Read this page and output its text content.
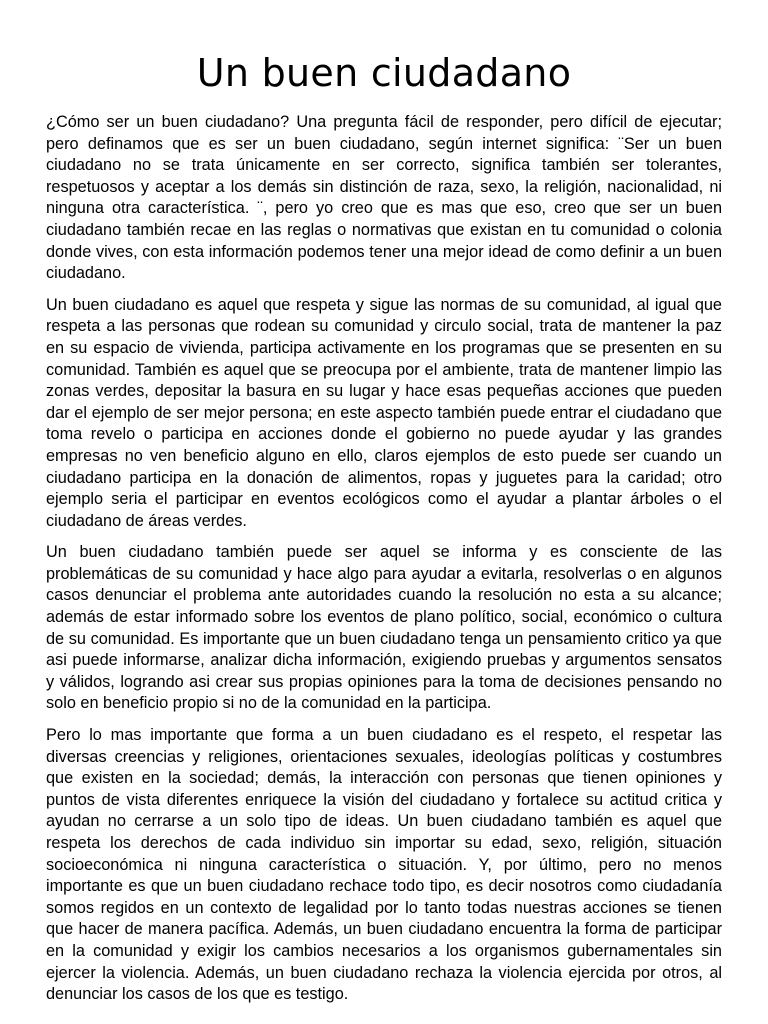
Un buen ciudadano

¿Cómo ser un buen ciudadano? Una pregunta fácil de responder, pero difícil de ejecutar; pero definamos que es ser un buen ciudadano, según internet significa: ¨Ser un buen ciudadano no se trata únicamente en ser correcto, significa también ser tolerantes, respetuosos y aceptar a los demás sin distinción de raza, sexo, la religión, nacionalidad, ni ninguna otra característica. ¨, pero yo creo que es mas que eso, creo que ser un buen ciudadano también recae en las reglas o normativas que existan en tu comunidad o colonia donde vives, con esta información podemos tener una mejor idead de como definir a un buen ciudadano.

Un buen ciudadano es aquel que respeta y sigue las normas de su comunidad, al igual que respeta a las personas que rodean su comunidad y circulo social, trata de mantener la paz en su espacio de vivienda, participa activamente en los programas que se presenten en su comunidad. También es aquel que se preocupa por el ambiente, trata de mantener limpio las zonas verdes, depositar la basura en su lugar y hace esas pequeñas acciones que pueden dar el ejemplo de ser mejor persona; en este aspecto también puede entrar el ciudadano que toma revelo o participa en acciones donde el gobierno no puede ayudar y las grandes empresas no ven beneficio alguno en ello, claros ejemplos de esto puede ser cuando un ciudadano participa en la donación de alimentos, ropas y juguetes para la caridad; otro ejemplo seria el participar en eventos ecológicos como el ayudar a plantar árboles o el ciudadano de áreas verdes.

Un buen ciudadano también puede ser aquel se informa y es consciente de las problemáticas de su comunidad y hace algo para ayudar a evitarla, resolverlas o en algunos casos denunciar el problema ante autoridades cuando la resolución no esta a su alcance; además de estar informado sobre los eventos de plano político, social, económico o cultura de su comunidad. Es importante que un buen ciudadano tenga un pensamiento critico ya que asi puede informarse, analizar dicha información, exigiendo pruebas y argumentos sensatos y válidos, logrando asi crear sus propias opiniones para la toma de decisiones pensando no solo en beneficio propio si no de la comunidad en la participa.

Pero lo mas importante que forma a un buen ciudadano es el respeto, el respetar las diversas creencias y religiones, orientaciones sexuales, ideologías políticas y costumbres que existen en la sociedad; demás, la interacción con personas que tienen opiniones y puntos de vista diferentes enriquece la visión del ciudadano y fortalece su actitud critica y ayudan no cerrarse a un solo tipo de ideas. Un buen ciudadano también es aquel que respeta los derechos de cada individuo sin importar su edad, sexo, religión, situación socioeconómica ni ninguna característica o situación. Y, por último, pero no menos importante es que un buen ciudadano rechace todo tipo, es decir nosotros como ciudadanía somos regidos en un contexto de legalidad por lo tanto todas nuestras acciones se tienen que hacer de manera pacífica. Además, un buen ciudadano encuentra la forma de participar en la comunidad y exigir los cambios necesarios a los organismos gubernamentales sin ejercer la violencia. Además, un buen ciudadano rechaza la violencia ejercida por otros, al denunciar los casos de los que es testigo.
